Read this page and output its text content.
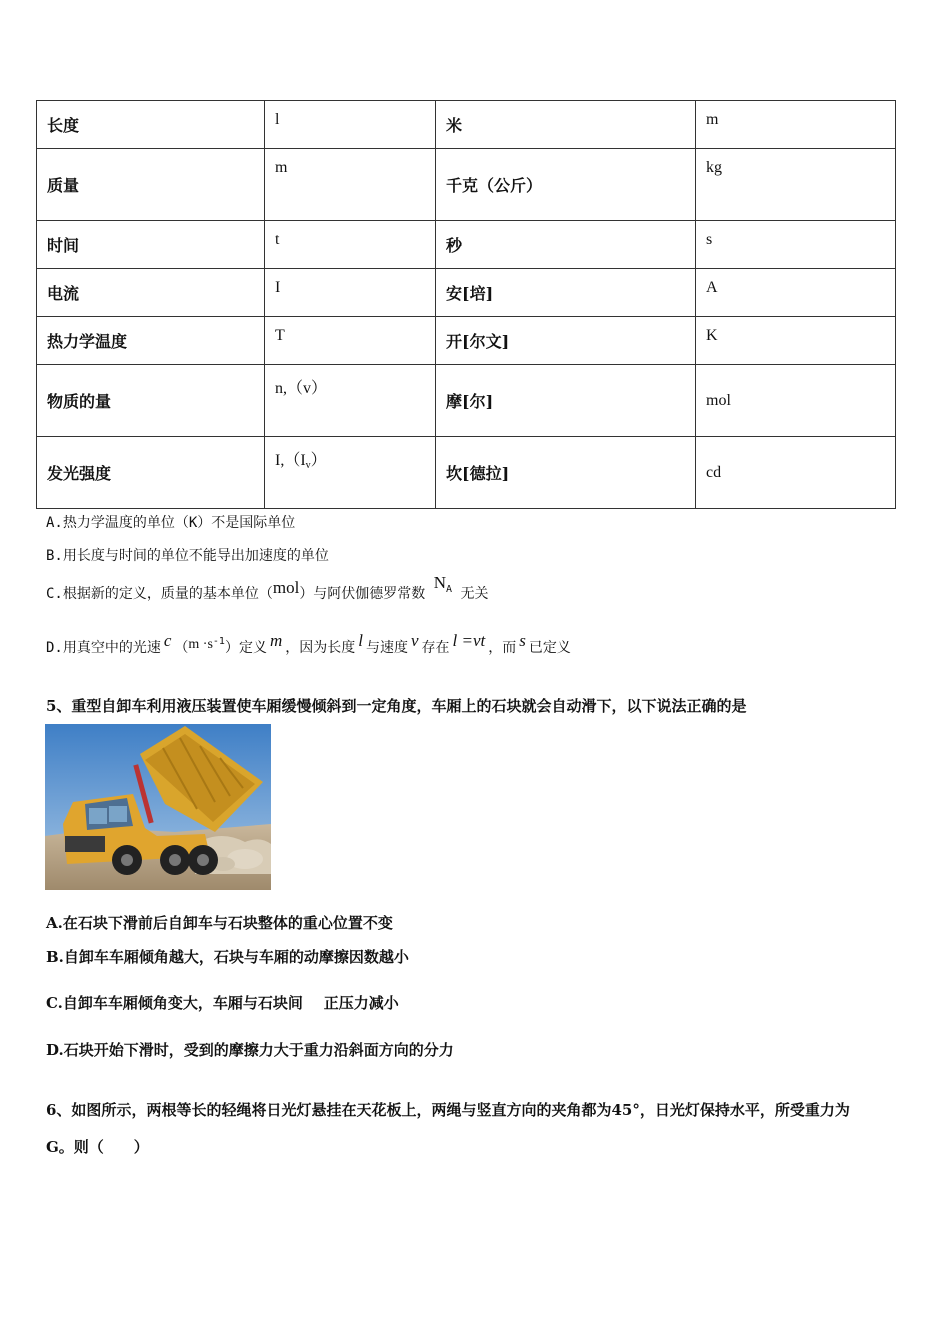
长度	l	米	m
质量	m	千克（公斤）	kg
时间	t	秒	s
电流	I	安[培]	A
热力学温度	T	开[尔文]	K
物质的量	n,（v）	摩[尔]	mol
发光强度	I,（Iv）	坎[德拉]	cd
A.热力学温度的单位（K）不是国际单位
B.用长度与时间的单位不能导出加速度的单位
C.根据新的定义，质量的基本单位（mol）与阿伏伽德罗常数 $N^A$ 无关
D.用真空中的光速 c $(m \cdot s^{-1})$定义 m ，因为长度 l 与速度 v 存在 l =vt ，而 s 已定义
5、重型自卸车利用液压装置使车厢缓慢倾斜到一定角度，车厢上的石块就会自动滑下，以下说法正确的是
A.在石块下滑前后自卸车与石块整体的重心位置不变
B.自卸车车厢倾角越大，石块与车厢的动摩擦因数越小
C.自卸车车厢倾角变大，车厢与石块间    正压力减小
D.石块开始下滑时，受到的摩擦力大于重力沿斜面方向的分力
6、如图所示，两根等长的轻绳将日光灯悬挂在天花板上，两绳与竖直方向的夹角都为45°，日光灯保持水平，所受重力为
G。则（　　）
